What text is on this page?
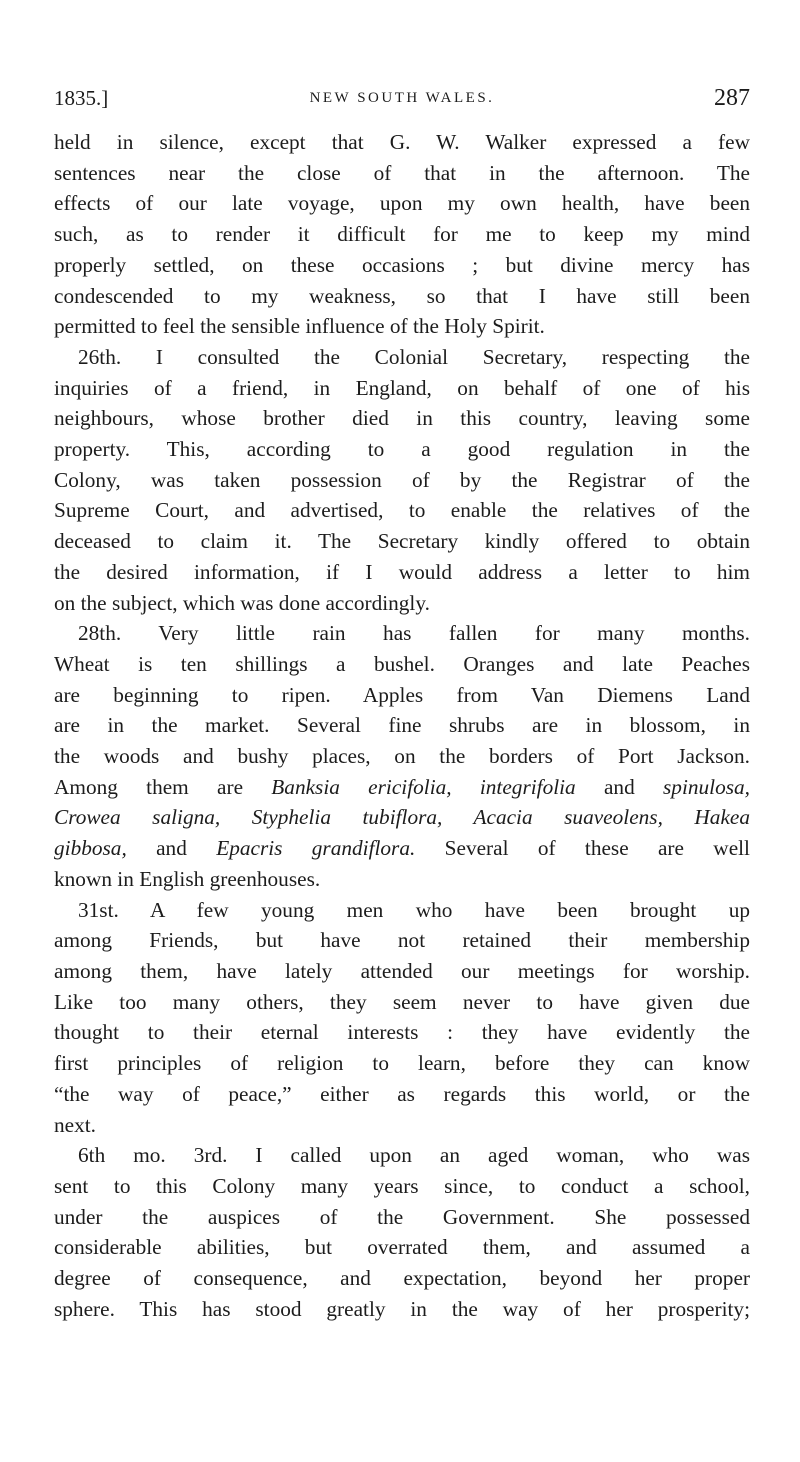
1835.]	NEW SOUTH WALES.	287

held in silence, except that G. W. Walker expressed a few
sentences near the close of that in the afternoon. The
effects of our late voyage, upon my own health, have been
such, as to render it difficult for me to keep my mind
properly settled, on these occasions ; but divine mercy has
condescended to my weakness, so that I have still been
permitted to feel the sensible influence of the Holy Spirit.

26th. I consulted the Colonial Secretary, respecting the
inquiries of a friend, in England, on behalf of one of his
neighbours, whose brother died in this country, leaving some
property. This, according to a good regulation in the
Colony, was taken possession of by the Registrar of the
Supreme Court, and advertised, to enable the relatives of the
deceased to claim it. The Secretary kindly offered to obtain
the desired information, if I would address a letter to him
on the subject, which was done accordingly.

28th. Very little rain has fallen for many months.
Wheat is ten shillings a bushel. Oranges and late Peaches
are beginning to ripen. Apples from Van Diemens Land
are in the market. Several fine shrubs are in blossom, in
the woods and bushy places, on the borders of Port Jackson.
Among them are Banksia ericifolia, integrifolia and spinulosa,
Crowea saligna, Styphelia tubiflora, Acacia suaveolens, Hakea
gibbosa, and Epacris grandiflora. Several of these are well
known in English greenhouses.

31st. A few young men who have been brought up
among Friends, but have not retained their membership
among them, have lately attended our meetings for worship.
Like too many others, they seem never to have given due
thought to their eternal interests : they have evidently the
first principles of religion to learn, before they can know
“the way of peace,” either as regards this world, or the
next.

6th mo. 3rd. I called upon an aged woman, who was
sent to this Colony many years since, to conduct a school,
under the auspices of the Government. She possessed
considerable abilities, but overrated them, and assumed a
degree of consequence, and expectation, beyond her proper
sphere. This has stood greatly in the way of her prosperity;
